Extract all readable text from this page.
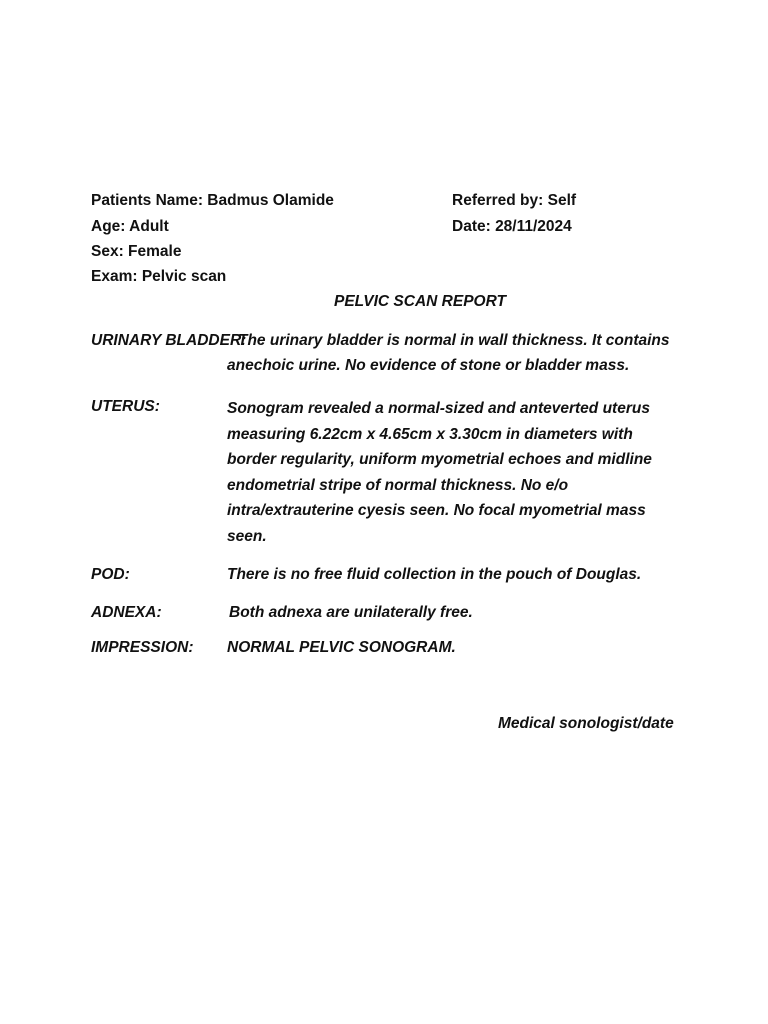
Patients Name: Badmus Olamide
Age: Adult
Sex: Female
Exam: Pelvic scan
Referred by: Self
Date: 28/11/2024
PELVIC SCAN REPORT
URINARY BLADDER:
The urinary bladder is normal in wall thickness. It contains
anechoic urine. No evidence of stone or bladder mass.
UTERUS:	Sonogram revealed a normal-sized and anteverted uterus
measuring 6.22cm x 4.65cm x 3.30cm in diameters with
border regularity, uniform myometrial echoes and midline
endometrial stripe of normal thickness. No e/o
intra/extrauterine cyesis seen. No focal myometrial mass
seen.
POD:	There is no free fluid collection in the pouch of Douglas.
ADNEXA:	Both adnexa are unilaterally free.
IMPRESSION: NORMAL PELVIC SONOGRAM.
Medical sonologist/date
